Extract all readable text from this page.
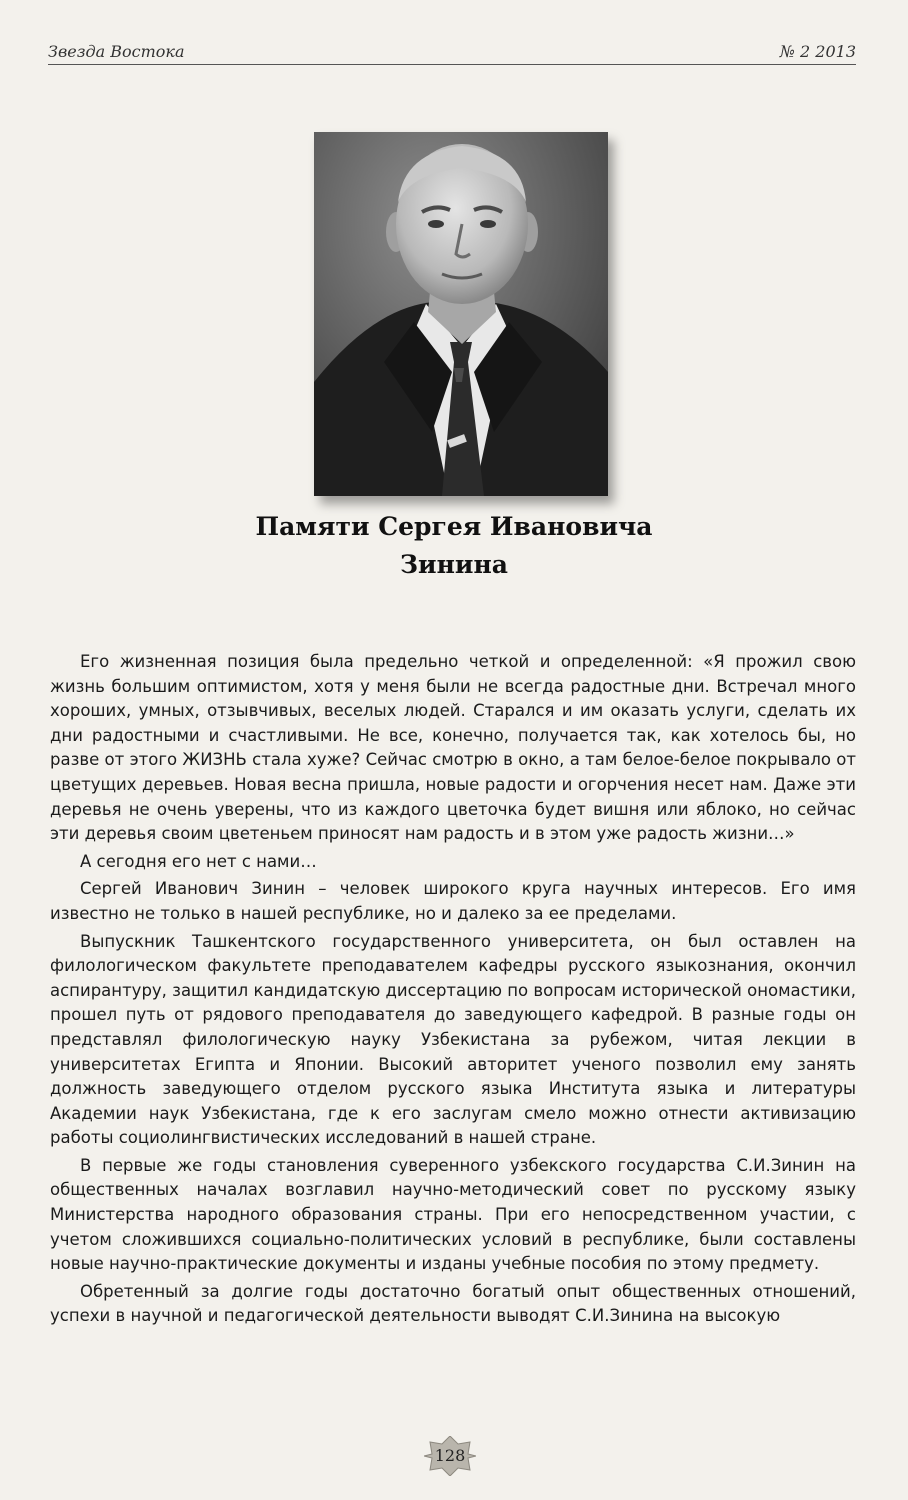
Звезда Востока	№ 2 2013
Памяти Сергея Ивановича
Зинина

Его жизненная позиция была предельно четкой и определенной: «Я прожил свою жизнь большим оптимистом, хотя у меня были не всегда радостные дни. Встречал много хороших, умных, отзывчивых, веселых людей. Старался и им оказать услуги, сделать их дни радостными и счастливыми. Не все, конечно, получается так, как хотелось бы, но разве от этого ЖИЗНЬ стала хуже? Сейчас смотрю в окно, а там белое-белое покрывало от цветущих деревьев. Новая весна пришла, новые радости и огорчения несет нам. Даже эти деревья не очень уверены, что из каждого цветочка будет вишня или яблоко, но сейчас эти деревья своим цветеньем приносят нам радость и в этом уже радость жизни…»

А сегодня его нет с нами…

Сергей Иванович Зинин – человек широкого круга научных интересов. Его имя известно не только в нашей республике, но и далеко за ее пределами.

Выпускник Ташкентского государственного университета, он был оставлен на филологическом факультете преподавателем кафедры русского языкознания, окончил аспирантуру, защитил кандидатскую диссертацию по вопросам исторической ономастики, прошел путь от рядового преподавателя до заведующего кафедрой. В разные годы он представлял филологическую науку Узбекистана за рубежом, читая лекции в университетах Египта и Японии. Высокий авторитет ученого позволил ему занять должность заведующего отделом русского языка Института языка и литературы Академии наук Узбекистана, где к его заслугам смело можно отнести активизацию работы социолингвистических исследований в нашей стране.

В первые же годы становления суверенного узбекского государства С.И.Зинин на общественных началах возглавил научно-методический совет по русскому языку Министерства народного образования страны. При его непосредственном участии, с учетом сложившихся социально-политических условий в республике, были составлены новые научно-практические документы и изданы учебные пособия по этому предмету.

Обретенный за долгие годы достаточно богатый опыт общественных отношений, успехи в научной и педагогической деятельности выводят С.И.Зинина на высокую

128
